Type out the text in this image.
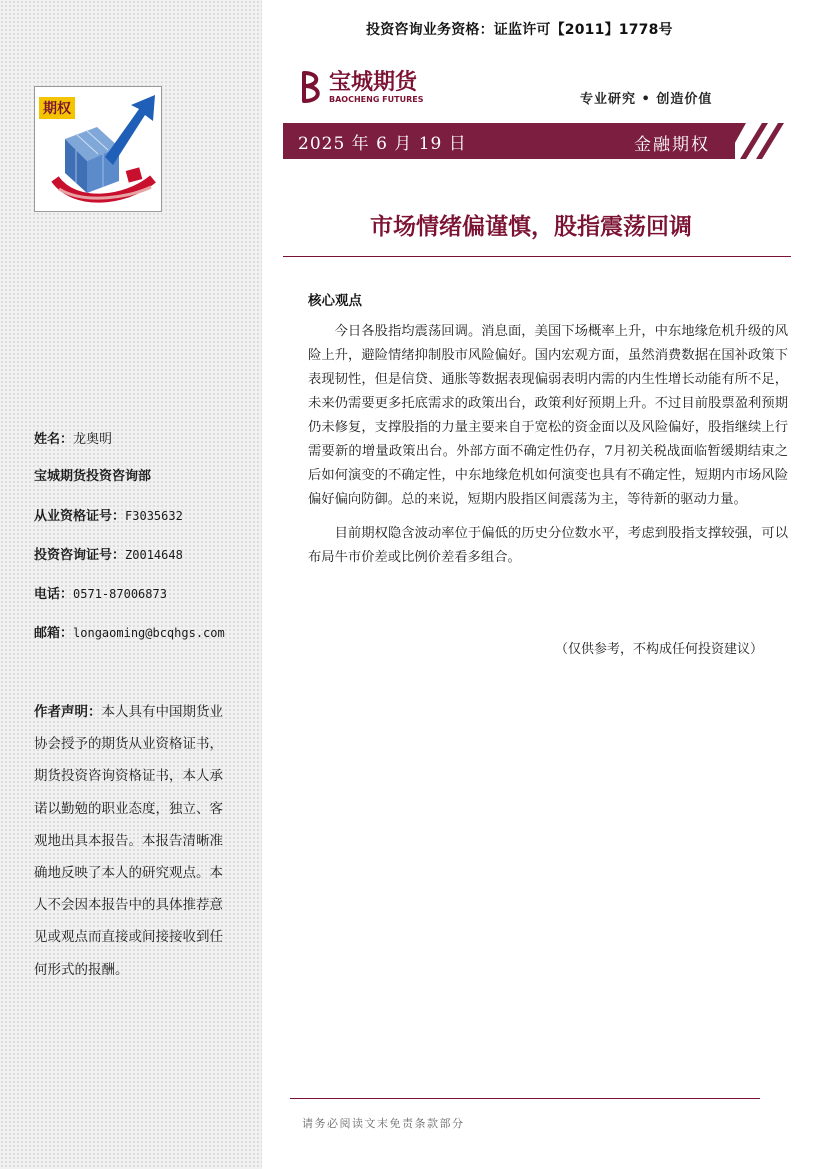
期权
姓名：龙奥明
宝城期货投资咨询部
从业资格证号：F3035632
投资咨询证号：Z0014648
电话：0571-87006873
邮箱：longaoming@bcqhgs.com
作者声明：本人具有中国期货业协会授予的期货从业资格证书，期货投资咨询资格证书，本人承诺以勤勉的职业态度，独立、客观地出具本报告。本报告清晰准确地反映了本人的研究观点。本人不会因本报告中的具体推荐意见或观点而直接或间接接收到任何形式的报酬。
投资咨询业务资格：证监许可【2011】1778号
宝城期货
BAOCHENG FUTURES	专业研究 • 创造价值
2025 年 6 月 19 日	金融期权
市场情绪偏谨慎，股指震荡回调
核心观点

今日各股指均震荡回调。消息面，美国下场概率上升，中东地缘危机升级的风险上升，避险情绪抑制股市风险偏好。国内宏观方面，虽然消费数据在国补政策下表现韧性，但是信贷、通胀等数据表现偏弱表明内需的内生性增长动能有所不足，未来仍需要更多托底需求的政策出台，政策利好预期上升。不过目前股票盈利预期仍未修复，支撑股指的力量主要来自于宽松的资金面以及风险偏好，股指继续上行需要新的增量政策出台。外部方面不确定性仍存，7月初关税战面临暂缓期结束之后如何演变的不确定性，中东地缘危机如何演变也具有不确定性，短期内市场风险偏好偏向防御。总的来说，短期内股指区间震荡为主，等待新的驱动力量。

目前期权隐含波动率位于偏低的历史分位数水平，考虑到股指支撑较强，可以布局牛市价差或比例价差看多组合。

（仅供参考，不构成任何投资建议）
请务必阅读文末免责条款部分
